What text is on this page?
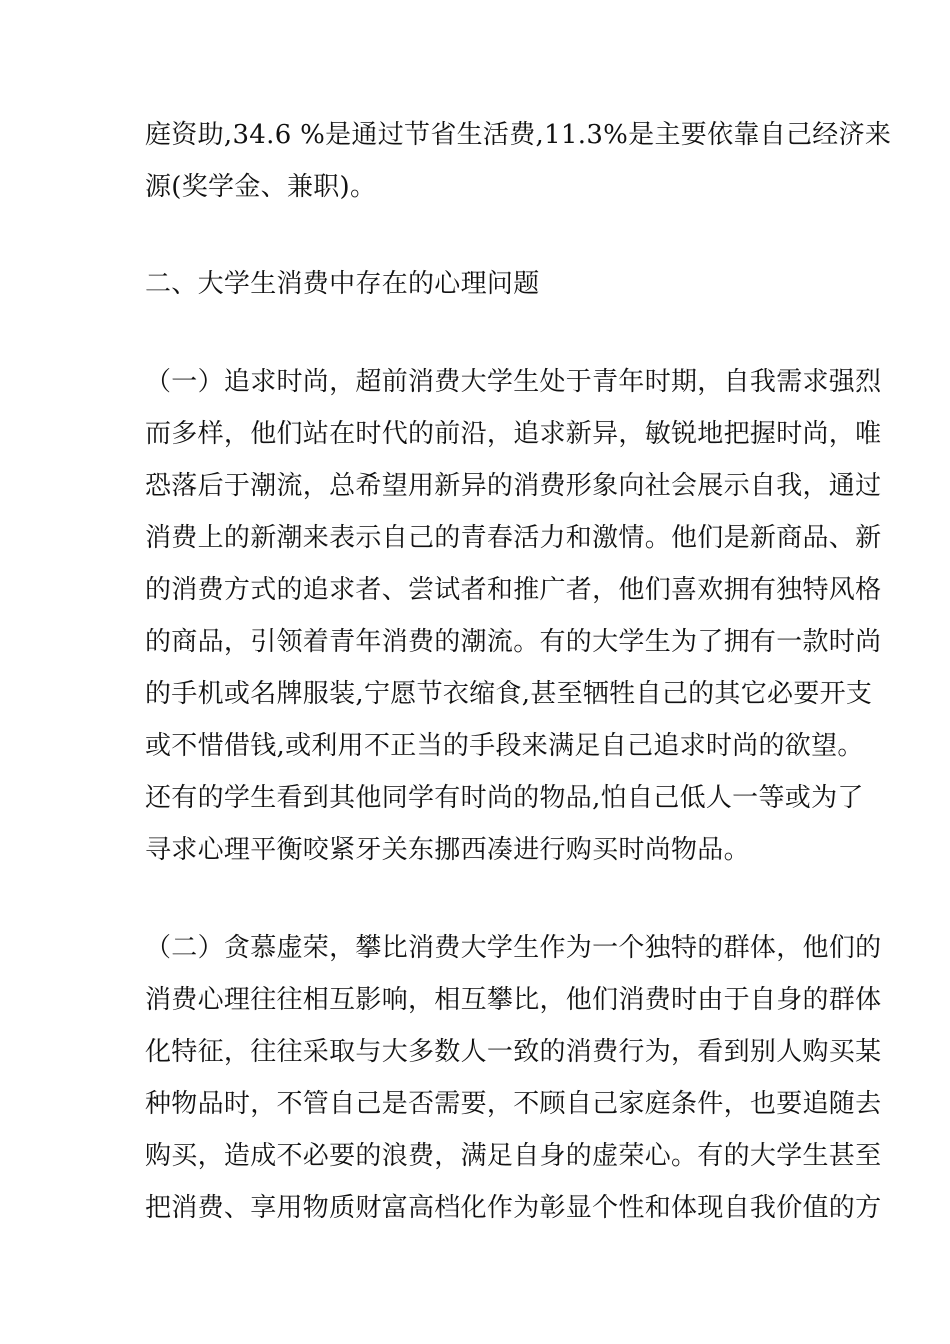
庭资助,34.6 %是通过节省生活费,11.3%是主要依靠自己经济来
源(奖学金、兼职)。
二、大学生消费中存在的心理问题
（一）追求时尚，超前消费大学生处于青年时期，自我需求强烈
而多样，他们站在时代的前沿，追求新异，敏锐地把握时尚，唯
恐落后于潮流，总希望用新异的消费形象向社会展示自我，通过
消费上的新潮来表示自己的青春活力和激情。他们是新商品、新
的消费方式的追求者、尝试者和推广者，他们喜欢拥有独特风格
的商品，引领着青年消费的潮流。有的大学生为了拥有一款时尚
的手机或名牌服装,宁愿节衣缩食,甚至牺牲自己的其它必要开支
或不惜借钱,或利用不正当的手段来满足自己追求时尚的欲望。
还有的学生看到其他同学有时尚的物品,怕自己低人一等或为了
寻求心理平衡咬紧牙关东挪西凑进行购买时尚物品。
（二）贪慕虚荣，攀比消费大学生作为一个独特的群体，他们的
消费心理往往相互影响，相互攀比，他们消费时由于自身的群体
化特征，往往采取与大多数人一致的消费行为，看到别人购买某
种物品时，不管自己是否需要，不顾自己家庭条件，也要追随去
购买，造成不必要的浪费，满足自身的虚荣心。有的大学生甚至
把消费、享用物质财富高档化作为彰显个性和体现自我价值的方
